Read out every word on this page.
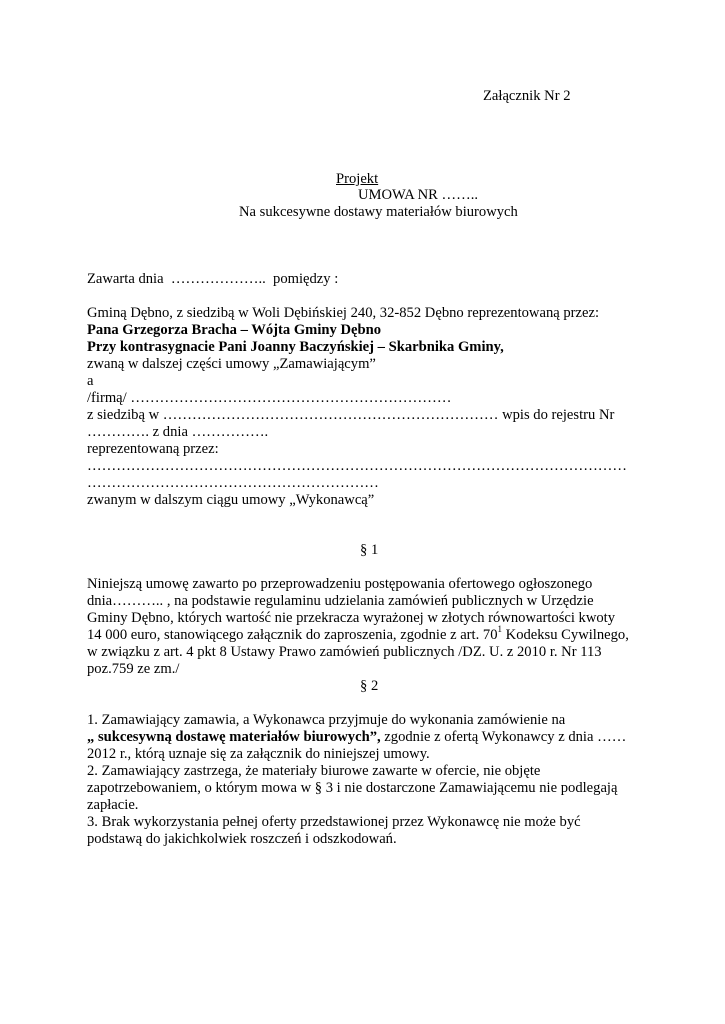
Załącznik Nr 2
Projekt
UMOWA NR ……..
Na sukcesywne dostawy materiałów biurowych
Zawarta dnia ……………….. pomiędzy :
Gminą Dębno, z siedzibą w Woli Dębińskiej 240, 32-852 Dębno reprezentowaną przez:
Pana Grzegorza Bracha – Wójta Gminy Dębno
Przy kontrasygnacie Pani Joanny Baczyńskiej – Skarbnika Gminy,
zwaną w dalszej części umowy „Zamawiającym”
a
/firmą/ …………………………………………………………
z siedzibą w …………………………………………………………… wpis do rejestru Nr
…………. z dnia …………….
reprezentowaną przez:
…………………………………………………………………………………………………
……………………………………………………
zwanym w dalszym ciągu umowy „Wykonawcą”
§ 1
Niniejszą umowę zawarto po przeprowadzeniu postępowania ofertowego ogłoszonego
dnia……….. , na podstawie regulaminu udzielania zamówień publicznych w Urzędzie
Gminy Dębno, których wartość nie przekracza wyrażonej w złotych równowartości kwoty
14 000 euro, stanowiącego załącznik do zaproszenia, zgodnie z art. $70^1$ Kodeksu Cywilnego,
w związku z art. 4 pkt 8 Ustawy Prawo zamówień publicznych /DZ. U. z 2010 r. Nr 113
poz.759 ze zm./
§ 2
1. Zamawiający zamawia, a Wykonawca przyjmuje do wykonania zamówienie na
„ sukcesywną dostawę materiałów biurowych”, zgodnie z ofertą Wykonawcy z dnia ……
2012 r., którą uznaje się za załącznik do niniejszej umowy.
2. Zamawiający zastrzega, że materiały biurowe zawarte w ofercie, nie objęte
zapotrzebowaniem, o którym mowa w § 3 i nie dostarczone Zamawiającemu nie podlegają
zapłacie.
3. Brak wykorzystania pełnej oferty przedstawionej przez Wykonawcę nie może być
podstawą do jakichkolwiek roszczeń i odszkodowań.
